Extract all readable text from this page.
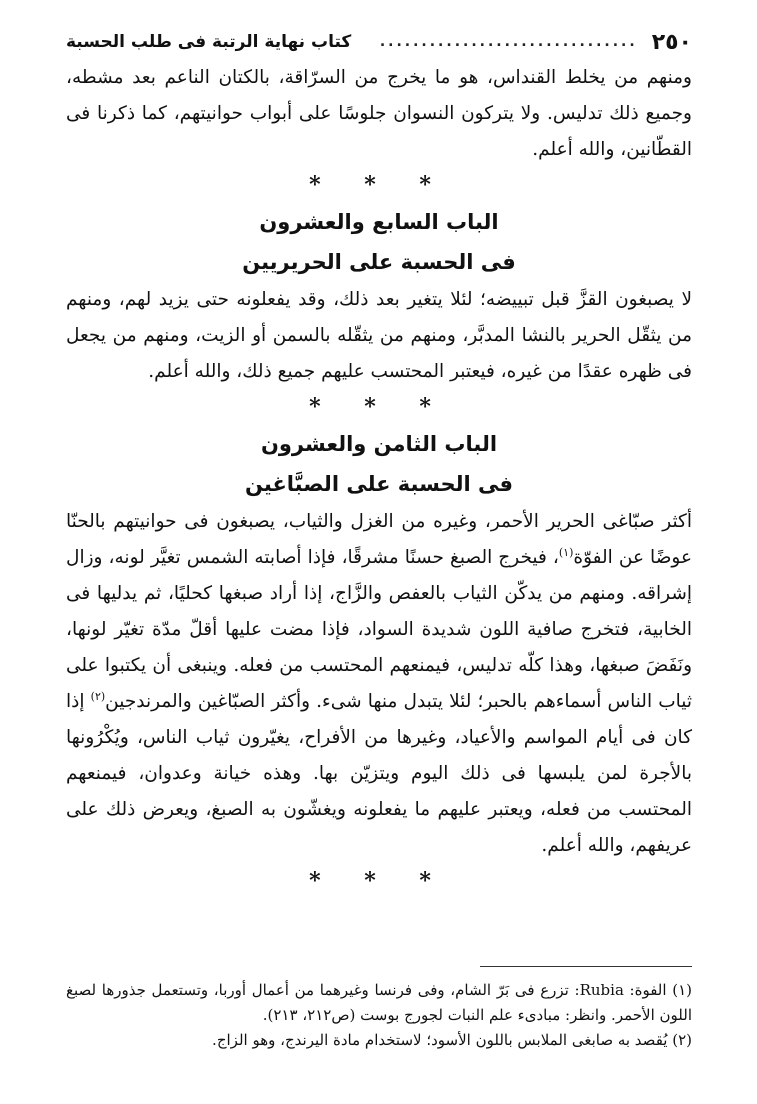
٢٥٠
...............................
كتاب نهاية الرتبة فى طلب الحسبة

ومنهم من يخلط القنداس، هو ما يخرج من السرّاقة، بالكتان الناعم بعد مشطه، وجميع ذلك تدليس. ولا يتركون النسوان جلوسًا على أبواب حوانيتهم، كما ذكرنا فى القطّانين، والله أعلم.

* * *
الباب السابع والعشرون
فى الحسبة على الحريريين

لا يصبغون القزَّ قبل تبييضه؛ لئلا يتغير بعد ذلك، وقد يفعلونه حتى يزيد لهم، ومنهم من يثقّل الحرير بالنشا المدبَّر، ومنهم من يثقّله بالسمن أو الزيت، ومنهم من يجعل فى ظهره عقدًا من غيره، فيعتبر المحتسب عليهم جميع ذلك، والله أعلم.

* * *
الباب الثامن والعشرون
فى الحسبة على الصبَّاغين

أكثر صبّاغى الحرير الأحمر، وغيره من الغزل والثياب، يصبغون فى حوانيتهم بالحنّا عوضًا عن الفوّة$^{(١)}$، فيخرج الصبغ حسنًا مشرقًا، فإذا أصابته الشمس تغيَّر لونه، وزال إشراقه. ومنهم من يدكّن الثياب بالعفص والزَّاج، إذا أراد صبغها كحليًا، ثم يدليها فى الخابية، فتخرج صافية اللون شديدة السواد، فإذا مضت عليها أقلّ مدّة تغيّر لونها، ونَفَضَ صبغها، وهذا كلّه تدليس، فيمنعهم المحتسب من فعله. وينبغى أن يكتبوا على ثياب الناس أسماءهم بالحبر؛ لئلا يتبدل منها شىء. وأكثر الصبّاغين والمرندجين$^{(٢)}$ إذا كان فى أيام المواسم والأعياد، وغيرها من الأفراح، يغيّرون ثياب الناس، ويُكْرُونها بالأجرة لمن يلبسها فى ذلك اليوم ويتزيّن بها. وهذه خيانة وعدوان، فيمنعهم المحتسب من فعله، ويعتبر عليهم ما يفعلونه ويغشّون به الصبغ، ويعرض ذلك على عريفهم، والله أعلم.

* * *

(١) الفوة: Rubia: تزرع فى بَرّ الشام، وفى فرنسا وغيرهما من أعمال أوربا، وتستعمل جذورها لصبغ اللون الأحمر. وانظر: مبادىء علم النبات لجورج بوست (ص٢١٢، ٢١٣).

(٢) يُقصد به صابغى الملابس باللون الأسود؛ لاستخدام مادة اليرندج، وهو الزاج.
